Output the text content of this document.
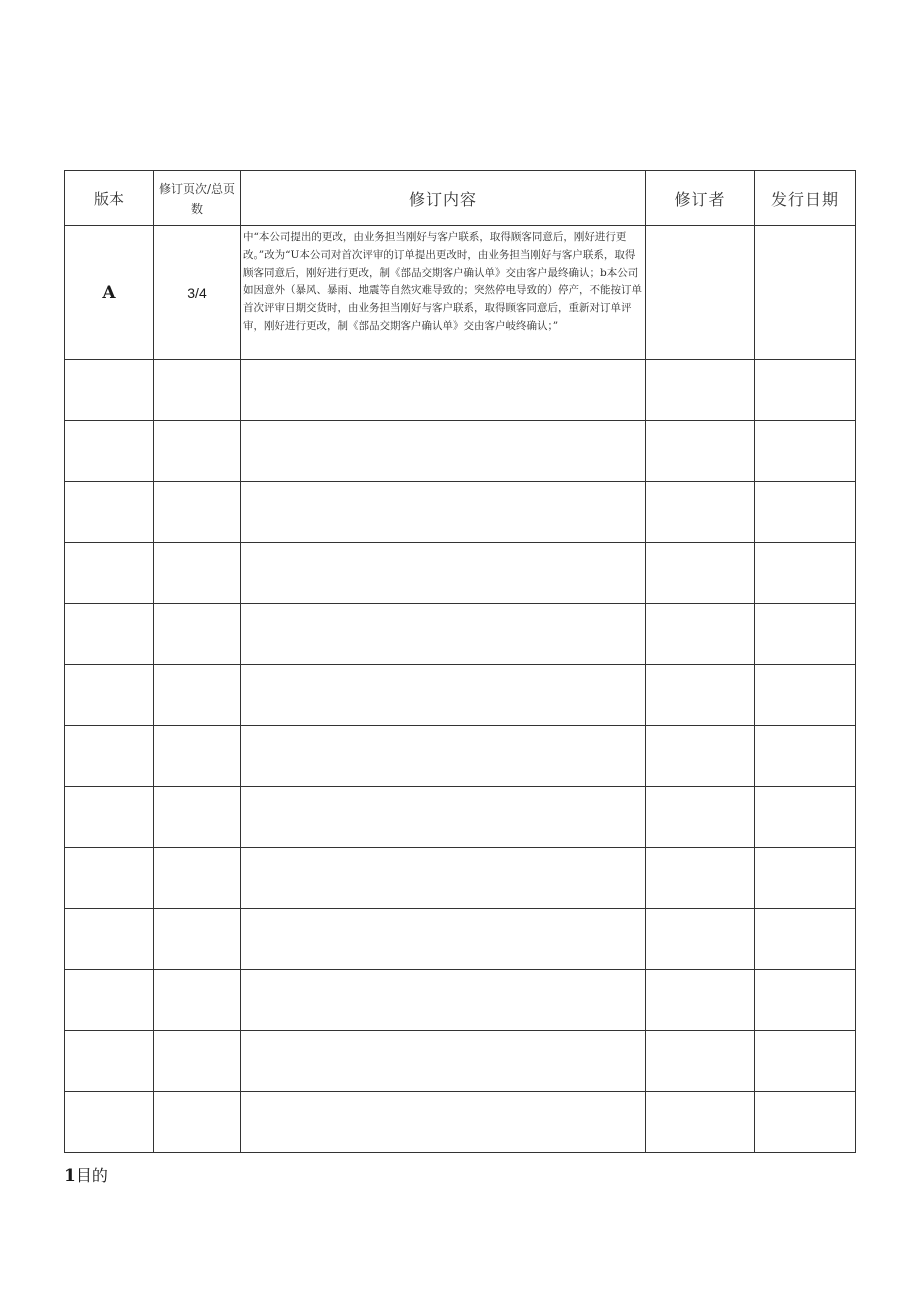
版本	修订页次/总页数	修订内容	修订者	发行日期
A	3/4	中“本公司提出的更改，由业务担当刚好与客户联系，取得顾客同意后，刚好进行更改。”改为“U本公司对首次评审的订单提出更改时，由业务担当刚好与客户联系，取得顾客同意后，刚好进行更改，制《部品交期客户确认单》交由客户最终确认；b本公司如因意外（暴风、暴雨、地震等自然灾难导致的；突然停电导致的）停产，不能按订单首次评审日期交货时，由业务担当刚好与客户联系，取得顾客同意后，重新对订单评审，刚好进行更改，制《部品交期客户确认单》交由客户岐终确认；”		

1目的
